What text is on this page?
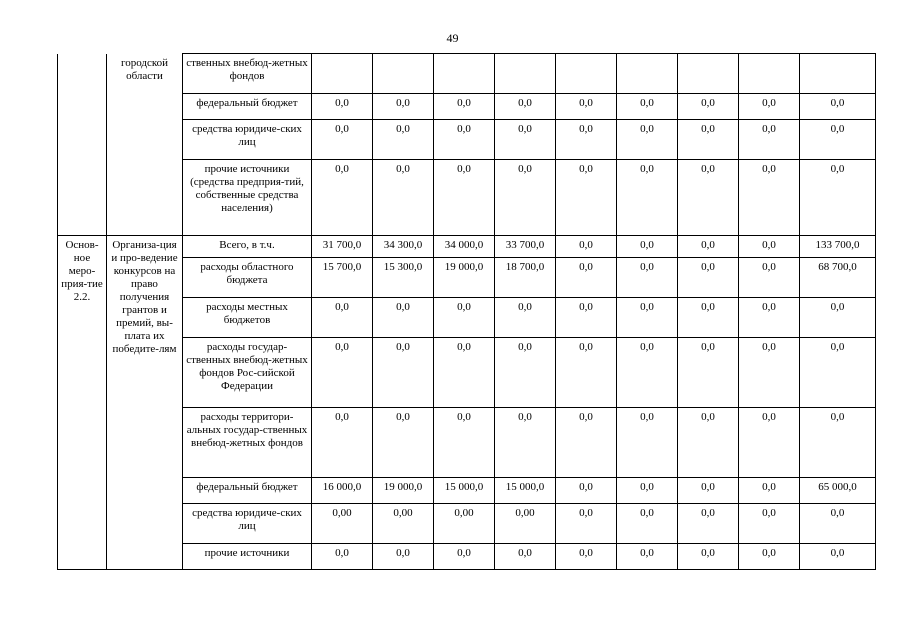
49
	городской области	ственных внебюд-жетных фондов									
		федеральный бюджет	0,0	0,0	0,0	0,0	0,0	0,0	0,0	0,0	0,0
		средства юридиче-ских лиц	0,0	0,0	0,0	0,0	0,0	0,0	0,0	0,0	0,0
		прочие источники (средства предприя-тий, собственные средства населения)	0,0	0,0	0,0	0,0	0,0	0,0	0,0	0,0	0,0
Основ-ное меро-прия-тие 2.2.	Организа-ция и про-ведение конкурсов на право получения грантов и премий, вы-плата их победите-лям	Всего, в т.ч.	31 700,0	34 300,0	34 000,0	33 700,0	0,0	0,0	0,0	0,0	133 700,0
		расходы областного бюджета	15 700,0	15 300,0	19 000,0	18 700,0	0,0	0,0	0,0	0,0	68 700,0
		расходы местных бюджетов	0,0	0,0	0,0	0,0	0,0	0,0	0,0	0,0	0,0
		расходы государ-ственных внебюд-жетных фондов Рос-сийской Федерации	0,0	0,0	0,0	0,0	0,0	0,0	0,0	0,0	0,0
		расходы территори-альных государ-ственных внебюд-жетных фондов	0,0	0,0	0,0	0,0	0,0	0,0	0,0	0,0	0,0
		федеральный бюджет	16 000,0	19 000,0	15 000,0	15 000,0	0,0	0,0	0,0	0,0	65 000,0
		средства юридиче-ских лиц	0,00	0,00	0,00	0,00	0,0	0,0	0,0	0,0	0,0
		прочие источники	0,0	0,0	0,0	0,0	0,0	0,0	0,0	0,0	0,0
